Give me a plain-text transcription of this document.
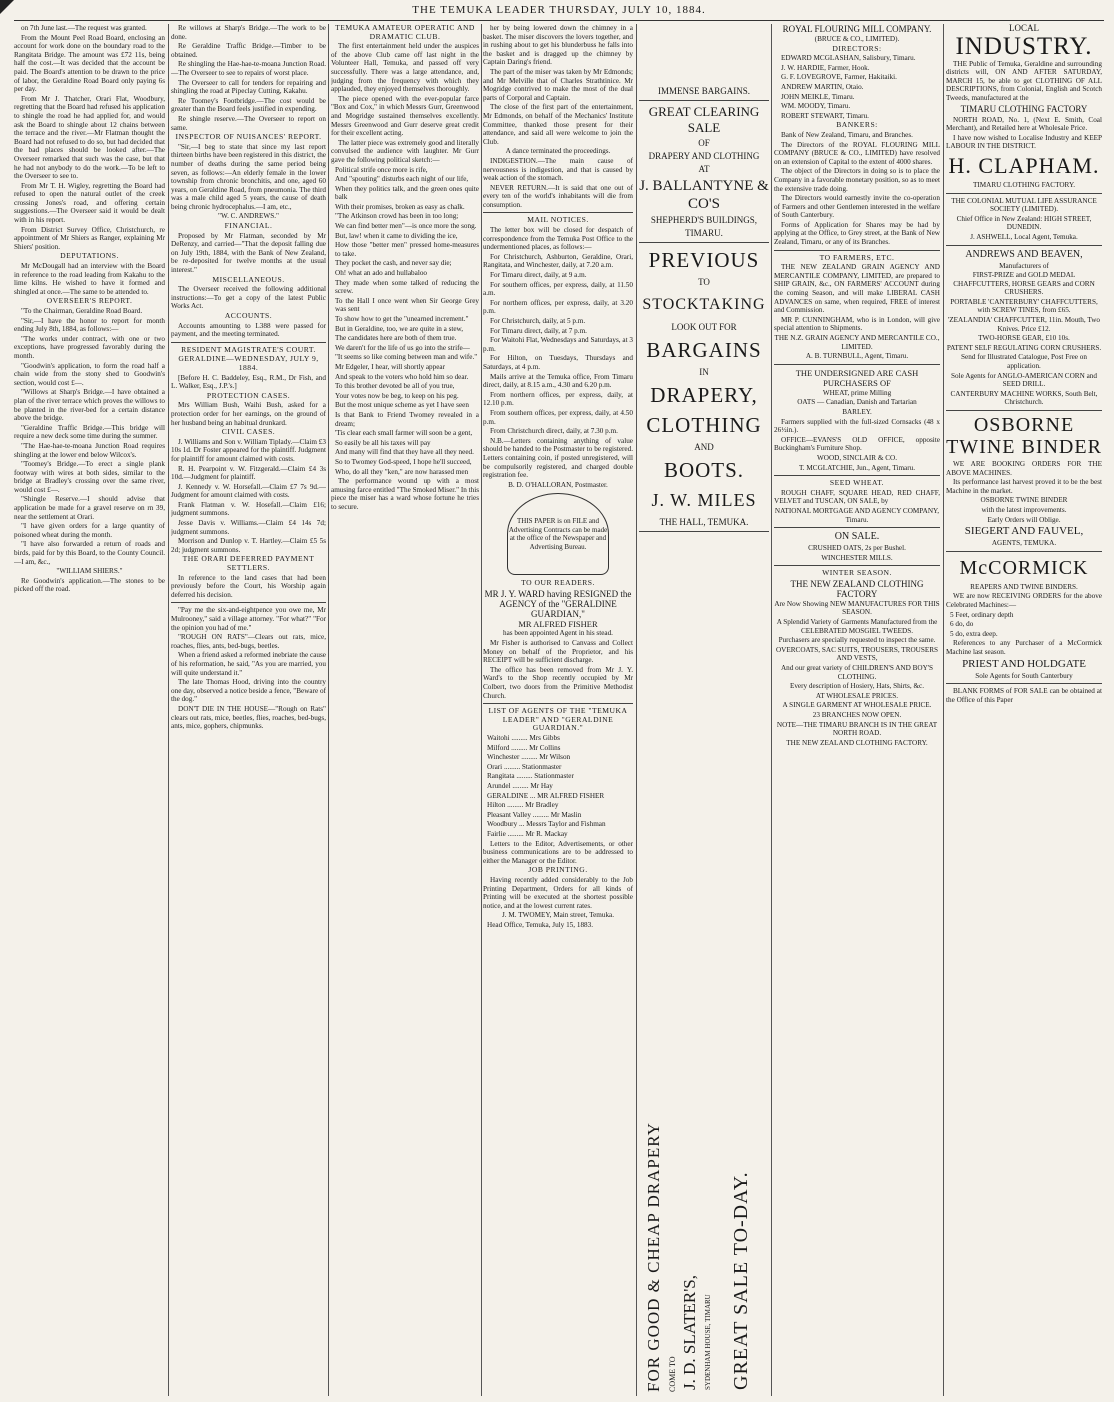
THE TEMUKA LEADER THURSDAY, JULY 10, 1884.

on 7th June last.—The request was granted.

From the Mount Peel Road Board, enclosing an account for work done on the boundary road to the Rangitata Bridge. The amount was £72 11s, being half the cost.—It was decided that the account be paid. The Board's attention to be drawn to the price of labor, the Geraldine Road Board only paying 6s per day.

From Mr J. Thatcher, Orari Flat, Woodbury, regretting that the Board had refused his application to shingle the road he had applied for, and would ask the Board to shingle about 12 chains between the terrace and the river.—Mr Flatman thought the Board had not refused to do so, but had decided that the bad places should be looked after.—The Overseer remarked that such was the case, but that he had not anybody to do the work.—To be left to the Overseer to see to.

From Mr T. H. Wigley, regretting the Board had refused to open the natural outlet of the creek crossing Jones's road, and offering certain suggestions.—The Overseer said it would be dealt with in his report.

From District Survey Office, Christchurch, re appointment of Mr Shiers as Ranger, explaining Mr Shiers' position.

DEPUTATIONS.

Mr McDougall had an interview with the Board in reference to the road leading from Kakahu to the lime kilns. He wished to have it formed and shingled at once.—The same to be attended to.

OVERSEER'S REPORT.

"To the Chairman, Geraldine Road Board.

"Sir,—I have the honor to report for month ending July 8th, 1884, as follows:—

"The works under contract, with one or two exceptions, have progressed favorably during the month.

"Goodwin's application, to form the road half a chain wide from the stony shed to Goodwin's section, would cost £—.

"Willows at Sharp's Bridge.—I have obtained a plan of the river terrace which proves the willows to be planted in the river-bed for a certain distance above the bridge.

"Geraldine Traffic Bridge.—This bridge will require a new deck some time during the summer.

"The Hae-hae-te-moana Junction Road requires shingling at the lower end below Wilcox's.

"Toomey's Bridge.—To erect a single plank footway with wires at both sides, similar to the bridge at Bradley's crossing over the same river, would cost £—.

"Shingle Reserve.—I should advise that application be made for a gravel reserve on rn 39, near the settlement at Orari.

"I have given orders for a large quantity of poisoned wheat during the month.

"I have also forwarded a return of roads and birds, paid for by this Board, to the County Council.—I am, &c.,

"WILLIAM SHIERS."

Re Goodwin's application.—The stones to be picked off the road.

Re willows at Sharp's Bridge.—The work to be done.

Re Geraldine Traffic Bridge.—Timber to be obtained.

Re shingling the Hae-hae-te-moana Junction Road.—The Overseer to see to repairs of worst place.

The Overseer to call for tenders for repairing and shingling the road at Pipeclay Cutting, Kakahu.

Re Toomey's Footbridge.—The cost would be greater than the Board feels justified in expending.

Re shingle reserve.—The Overseer to report on same.

INSPECTOR OF NUISANCES' REPORT.

"Sir,—I beg to state that since my last report thirteen births have been registered in this district, the number of deaths during the same period being seven, as follows:—An elderly female in the lower township from chronic bronchitis, and one, aged 60 years, on Geraldine Road, from pneumonia. The third was a male child aged 5 years, the cause of death being chronic hydrocephalus.—I am, etc.,

"W. C. ANDREWS."

FINANCIAL.

Proposed by Mr Flatman, seconded by Mr DeRenzy, and carried—"That the deposit falling due on July 19th, 1884, with the Bank of New Zealand, be re-deposited for twelve months at the usual interest."

MISCELLANEOUS.

The Overseer received the following additional instructions:—To get a copy of the latest Public Works Act.

ACCOUNTS.

Accounts amounting to L388 were passed for payment, and the meeting terminated.

RESIDENT MAGISTRATE'S COURT.

GERALDINE—WEDNESDAY, JULY 9, 1884.

[Before H. C. Baddeley, Esq., R.M., Dr Fish, and L. Walker, Esq., J.P.'s.]

PROTECTION CASES.

Mrs William Bush, Waihi Bush, asked for a protection order for her earnings, on the ground of her husband being an habitual drunkard.

CIVIL CASES.

J. Williams and Son v. William Tiplady.—Claim £3 10s 1d. Dr Foster appeared for the plaintiff. Judgment for plaintiff for amount claimed with costs.

R. H. Pearpoint v. W. Fitzgerald.—Claim £4 3s 10d.—Judgment for plaintiff.

J. Kennedy v. W. Horsefall.—Claim £7 7s 9d.—Judgment for amount claimed with costs.

Frank Flatman v. W. Hosefall.—Claim £16; judgment summons.

Jesse Davis v. Williams.—Claim £4 14s 7d; judgment summons.

Morrison and Dunlop v. T. Hartley.—Claim £5 5s 2d; judgment summons.

THE ORARI DEFERRED PAYMENT SETTLERS.

In reference to the land cases that had been previously before the Court, his Worship again deferred his decision.

"Pay me the six-and-eightpence you owe me, Mr Mulrooney," said a village attorney. "For what?" "For the opinion you had of me."

"ROUGH ON RATS"—Clears out rats, mice, roaches, flies, ants, bed-bugs, beetles.

When a friend asked a reformed inebriate the cause of his reformation, he said, "As you are married, you will quite understand it."

The late Thomas Hood, driving into the country one day, observed a notice beside a fence, "Beware of the dog."

DON'T DIE IN THE HOUSE—"Rough on Rats" clears out rats, mice, beetles, flies, roaches, bed-bugs, ants, mice, gophers, chipmunks.

TEMUKA AMATEUR OPERATIC AND DRAMATIC CLUB.

The first entertainment held under the auspices of the above Club came off last night in the Volunteer Hall, Temuka, and passed off very successfully. There was a large attendance, and, judging from the frequency with which they applauded, they enjoyed themselves thoroughly.

The piece opened with the ever-popular farce "Box and Cox," in which Messrs Gurr, Greenwood and Mogridge sustained themselves excellently. Messrs Greenwood and Gurr deserve great credit for their excellent acting.

The latter piece was extremely good and literally convulsed the audience with laughter. Mr Gurr gave the following political sketch:—

Political strife once more is rife,

And "spouting" disturbs each night of our life,

When they politics talk, and the green ones quite balk

With their promises, broken as easy as chalk.

"The Atkinson crowd has been in too long;

We can find better men"—is once more the song.

But, law! when it came to dividing the ice,

How those "better men" pressed home-measures to take.

They pocket the cash, and never say die;

Oh! what an ado and hullabaloo

They made when some talked of reducing the screw.

To the Hall I once went when Sir George Grey was sent

To show how to get the "unearned increment."

But in Geraldine, too, we are quite in a stew,

The candidates here are both of them true.

We daren't for the life of us go into the strife—

"It seems so like coming between man and wife."

Mr Edgeler, I hear, will shortly appear

And speak to the voters who hold him so dear.

To this brother devoted be all of you true,

Your votes now be beg, to keep on his peg.

But the most unique scheme as yet I have seen

Is that Bank to Friend Twomey revealed in a dream;

'Tis clear each small farmer will soon be a gent,

So easily be all his taxes will pay

And many will find that they have all they need.

So to Twomey God-speed, I hope he'll succeed,

Who, do all they "ken," are now harassed men

The performance wound up with a most amusing farce entitled "The Smoked Miser." In this piece the miser has a ward whose fortune he tries to secure.

her by being lowered down the chimney in a basket. The miser discovers the lovers together, and in rushing about to get his blunderbuss he falls into the basket and is dragged up the chimney by Captain Daring's friend.

The part of the miser was taken by Mr Edmonds; and Mr Melville that of Charles Strathtinice. Mr Mogridge contrived to make the most of the dual parts of Corporal and Captain.

The close of the first part of the entertainment, Mr Edmonds, on behalf of the Mechanics' Institute Committee, thanked those present for their attendance, and said all were welcome to join the Club.

A dance terminated the proceedings.

INDIGESTION.—The main cause of nervousness is indigestion, and that is caused by weak action of the stomach.

NEVER RETURN.—It is said that one out of every ten of the world's inhabitants will die from consumption.

MAIL NOTICES.

The letter box will be closed for despatch of correspondence from the Temuka Post Office to the undermentioned places, as follows:—

For Christchurch, Ashburton, Geraldine, Orari, Rangitata, and Winchester, daily, at 7.20 a.m.

For Timaru direct, daily, at 9 a.m.

For southern offices, per express, daily, at 11.50 a.m.

For northern offices, per express, daily, at 3.20 p.m.

For Christchurch, daily, at 5 p.m.

For Timaru direct, daily, at 7 p.m.

For Waitohi Flat, Wednesdays and Saturdays, at 3 p.m.

For Hilton, on Tuesdays, Thursdays and Saturdays, at 4 p.m.

Mails arrive at the Temuka office, From Timaru direct, daily, at 8.15 a.m., 4.30 and 6.20 p.m.

From northern offices, per express, daily, at 12.10 p.m.

From southern offices, per express, daily, at 4.50 p.m.

From Christchurch direct, daily, at 7.30 p.m.

N.B.—Letters containing anything of value should be handed to the Postmaster to be registered. Letters containing coin, if posted unregistered, will be compulsorily registered, and charged double registration fee.

B. D. O'HALLORAN, Postmaster.

THIS PAPER is on FILE and Advertising Contracts can be made at the office of the Newspaper and Advertising Bureau.

TO OUR READERS.

MR J. Y. WARD having RESIGNED the AGENCY of the "GERALDINE GUARDIAN,"

MR ALFRED FISHER

has been appointed Agent in his stead.

Mr Fisher is authorised to Canvass and Collect Money on behalf of the Proprietor, and his RECEIPT will be sufficient discharge.

The office has been removed from Mr J. Y. Ward's to the Shop recently occupied by Mr Colbert, two doors from the Primitive Methodist Church.

LIST OF AGENTS OF THE "TEMUKA LEADER" AND "GERALDINE GUARDIAN."

Waitohi ......... Mrs Gibbs

Milford ......... Mr Collins

Winchester ......... Mr Wilson

Orari ......... Stationmaster

Rangitata ......... Stationmaster

Arundel ......... Mr Hay

GERALDINE ... MR ALFRED FISHER

Hilton ......... Mr Bradley

Pleasant Valley ......... Mr Maslin

Woodbury ... Messrs Taylor and Fishman

Fairlie ......... Mr R. Mackay

Letters to the Editor, Advertisements, or other business communications are to be addressed to either the Manager or the Editor.

JOB PRINTING.

Having recently added considerably to the Job Printing Department, Orders for all kinds of Printing will be executed at the shortest possible notice, and at the lowest current rates.

J. M. TWOMEY, Main street, Temuka.

Head Office, Temuka, July 15, 1883.

IMMENSE BARGAINS.
GREAT CLEARING SALE
OF
DRAPERY AND CLOTHING
AT
J. BALLANTYNE & CO'S
SHEPHERD'S BUILDINGS,
TIMARU.
PREVIOUS
TO
STOCKTAKING
LOOK OUT FOR
BARGAINS
IN
DRAPERY,
CLOTHING
AND
BOOTS.
J. W. MILES
THE HALL, TEMUKA.
FOR GOOD & CHEAP DRAPERY COME TO J. D. SLATER'S, SYDENHAM HOUSE, TIMARU GREAT SALE TO-DAY.

ROYAL FLOURING MILL COMPANY.

(BRUCE & CO., LIMITED).

DIRECTORS:

EDWARD MCGLASHAN, Salisbury, Timaru.

J. W. HARDIE, Farmer, Hook.

G. F. LOVEGROVE, Farmer, Hakitaiki.

ANDREW MARTIN, Otaio.

JOHN MEIKLE, Timaru.

WM. MOODY, Timaru.

ROBERT STEWART, Timaru.

BANKERS:

Bank of New Zealand, Timaru, and Branches.

The Directors of the ROYAL FLOURING MILL COMPANY (BRUCE & CO., LIMITED) have resolved on an extension of Capital to the extent of 4000 shares.

The object of the Directors in doing so is to place the Company in a favorable monetary position, so as to meet the extensive trade doing.

The Directors would earnestly invite the co-operation of Farmers and other Gentlemen interested in the welfare of South Canterbury.

Forms of Application for Shares may be had by applying at the Office, to Grey street, at the Bank of New Zealand, Timaru, or any of its Branches.

TO FARMERS, ETC.

THE NEW ZEALAND GRAIN AGENCY AND MERCANTILE COMPANY, LIMITED, are prepared to SHIP GRAIN, &c., ON FARMERS' ACCOUNT during the coming Season, and will make LIBERAL CASH ADVANCES on same, when required, FREE of interest and Commission.

MR P. CUNNINGHAM, who is in London, will give special attention to Shipments.

THE N.Z. GRAIN AGENCY AND MERCANTILE CO., LIMITED.

A. B. TURNBULL, Agent, Timaru.

THE UNDERSIGNED ARE CASH PURCHASERS OF

WHEAT, prime Milling

OATS — Canadian, Danish and Tartarian

BARLEY.

Farmers supplied with the full-sized Cornsacks (48 x 26½in.).

OFFICE—EVANS'S OLD OFFICE, opposite Buckingham's Furniture Shop.

WOOD, SINCLAIR & CO.

T. MCGLATCHIE, Jun., Agent, Timaru.

SEED WHEAT.

ROUGH CHAFF, SQUARE HEAD, RED CHAFF, VELVET and TUSCAN, ON SALE, by

NATIONAL MORTGAGE AND AGENCY COMPANY, Timaru.

ON SALE.

CRUSHED OATS, 2s per Bushel.

WINCHESTER MILLS.

WINTER SEASON.

THE NEW ZEALAND CLOTHING FACTORY

Are Now Showing NEW MANUFACTURES FOR THIS SEASON.

A Splendid Variety of Garments Manufactured from the CELEBRATED MOSGIEL TWEEDS.

Purchasers are specially requested to inspect the same.

OVERCOATS, SAC SUITS, TROUSERS, TROUSERS AND VESTS,

And our great variety of CHILDREN'S AND BOY'S CLOTHING.

Every description of Hosiery, Hats, Shirts, &c.

AT WHOLESALE PRICES.

A SINGLE GARMENT AT WHOLESALE PRICE.

23 BRANCHES NOW OPEN.

NOTE—THE TIMARU BRANCH IS IN THE GREAT NORTH ROAD.

THE NEW ZEALAND CLOTHING FACTORY.

LOCAL

INDUSTRY.

THE Public of Temuka, Geraldine and surrounding districts will, ON AND AFTER SATURDAY, MARCH 15, be able to get CLOTHING OF ALL DESCRIPTIONS, from Colonial, English and Scotch Tweeds, manufactured at the

TIMARU CLOTHING FACTORY

NORTH ROAD, No. 1, (Next E. Smith, Coal Merchant), and Retailed here at Wholesale Price.

I have now wished to Localise Industry and KEEP LABOUR IN THE DISTRICT.

H. CLAPHAM.

TIMARU CLOTHING FACTORY.

THE COLONIAL MUTUAL LIFE ASSURANCE SOCIETY (LIMITED).

Chief Office in New Zealand: HIGH STREET, DUNEDIN.

J. ASHWELL, Local Agent, Temuka.

ANDREWS AND BEAVEN,

Manufacturers of

FIRST-PRIZE and GOLD MEDAL CHAFFCUTTERS, HORSE GEARS and CORN CRUSHERS.

PORTABLE 'CANTERBURY' CHAFFCUTTERS, with SCREW TINES, from £65.

'ZEALANDIA' CHAFFCUTTER, 11in. Mouth, Two Knives. Price £12.

TWO-HORSE GEAR, £10 10s.

PATENT SELF REGULATING CORN CRUSHERS.

Send for Illustrated Catalogue, Post Free on application.

Sole Agents for ANGLO-AMERICAN CORN and SEED DRILL.

CANTERBURY MACHINE WORKS, South Belt, Christchurch.

OSBORNE TWINE BINDER

WE ARE BOOKING ORDERS FOR THE ABOVE MACHINES.

Its performance last harvest proved it to be the best Machine in the market.

OSBORNE TWINE BINDER

with the latest improvements.

Early Orders will Oblige.

SIEGERT AND FAUVEL,

AGENTS, TEMUKA.

McCORMICK

REAPERS AND TWINE BINDERS.

WE are now RECEIVING ORDERS for the above Celebrated Machines:—

5 Feet, ordinary depth

6 do, do

5 do, extra deep.

References to any Purchaser of a McCormick Machine last season.

PRIEST AND HOLDGATE

Sole Agents for South Canterbury

BLANK FORMS of FOR SALE can be obtained at the Office of this Paper
